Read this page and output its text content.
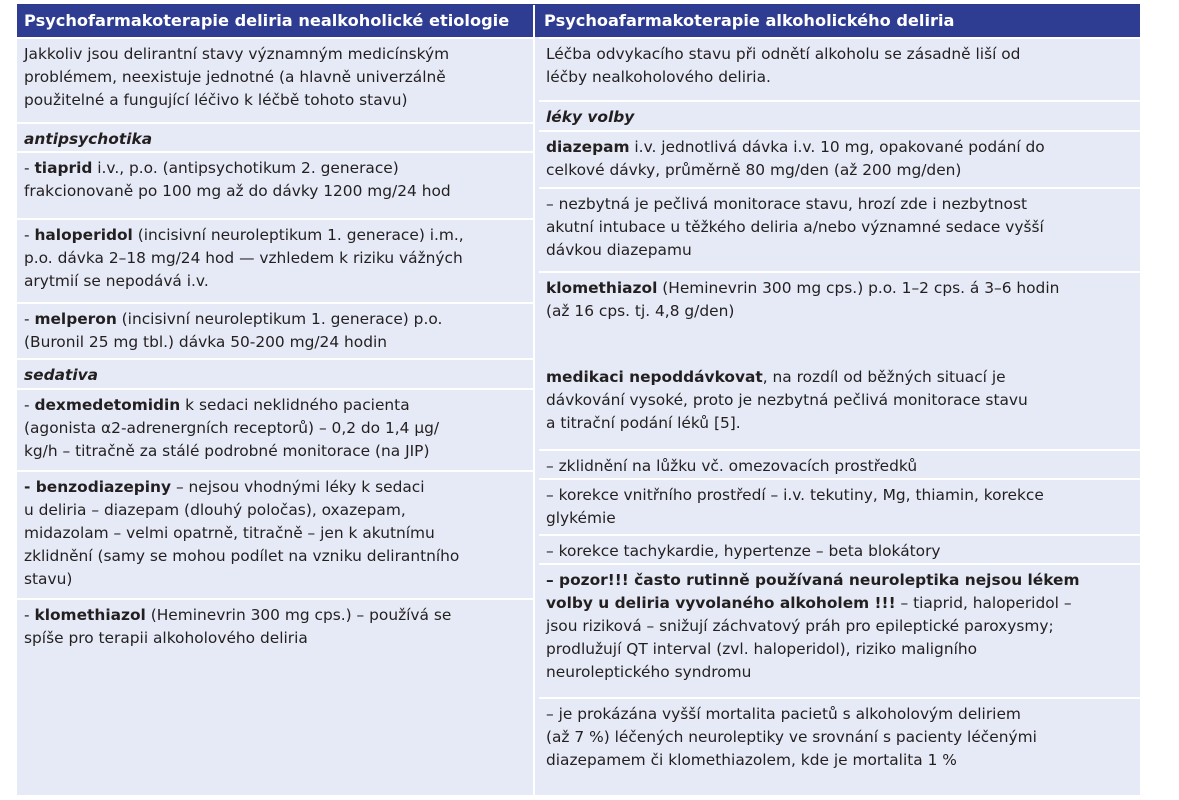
Psychofarmakoterapie deliria nealkoholické etiologie	Psychoafarmakoterapie alkoholického deliria
Jakkoliv jsou delirantní stavy významným medicínským
problémem, neexistuje jednotné (a hlavně univerzálně
použitelné a fungující léčivo k léčbě tohoto stavu)
antipsychotika
- tiaprid i.v., p.o. (antipsychotikum 2. generace)
frakcionovaně po 100 mg až do dávky 1200 mg/24 hod
- haloperidol (incisivní neuroleptikum 1. generace) i.m.,
p.o. dávka 2–18 mg/24 hod — vzhledem k riziku vážných
arytmií se nepodává i.v.
- melperon (incisivní neuroleptikum 1. generace) p.o.
(Buronil 25 mg tbl.) dávka 50-200 mg/24 hodin
sedativa
- dexmedetomidin k sedaci neklidného pacienta
(agonista α2-adrenergních receptorů) – 0,2 do 1,4 µg/
kg/h – titračně za stálé podrobné monitorace (na JIP)
- benzodiazepiny – nejsou vhodnými léky k sedaci
u deliria – diazepam (dlouhý poločas), oxazepam,
midazolam – velmi opatrně, titračně – jen k akutnímu
zklidnění (samy se mohou podílet na vzniku delirantního
stavu)
- klomethiazol (Heminevrin 300 mg cps.) – používá se
spíše pro terapii alkoholového deliria
Léčba odvykacího stavu při odnětí alkoholu se zásadně liší od
léčby nealkoholového deliria.
léky volby
diazepam i.v. jednotlivá dávka i.v. 10 mg, opakované podání do
celkové dávky, průměrně 80 mg/den (až 200 mg/den)
– nezbytná je pečlivá monitorace stavu, hrozí zde i nezbytnost
akutní intubace u těžkého deliria a/nebo významné sedace vyšší
dávkou diazepamu
klomethiazol (Heminevrin 300 mg cps.) p.o. 1–2 cps. á 3–6 hodin
(až 16 cps. tj. 4,8 g/den)
medikaci nepoddávkovat, na rozdíl od běžných situací je
dávkování vysoké, proto je nezbytná pečlivá monitorace stavu
a titrační podání léků [5].
– zklidnění na lůžku vč. omezovacích prostředků
– korekce vnitřního prostředí – i.v. tekutiny, Mg, thiamin, korekce
glykémie
– korekce tachykardie, hypertenze – beta blokátory
– pozor!!! často rutinně používaná neuroleptika nejsou lékem
volby u deliria vyvolaného alkoholem !!! – tiaprid, haloperidol –
jsou riziková – snižují záchvatový práh pro epileptické paroxysmy;
prodlužují QT interval (zvl. haloperidol), riziko maligního
neuroleptického syndromu
– je prokázána vyšší mortalita pacietů s alkoholovým deliriem
(až 7 %) léčených neuroleptiky ve srovnání s pacienty léčenými
diazepamem či klomethiazolem, kde je mortalita 1 %
